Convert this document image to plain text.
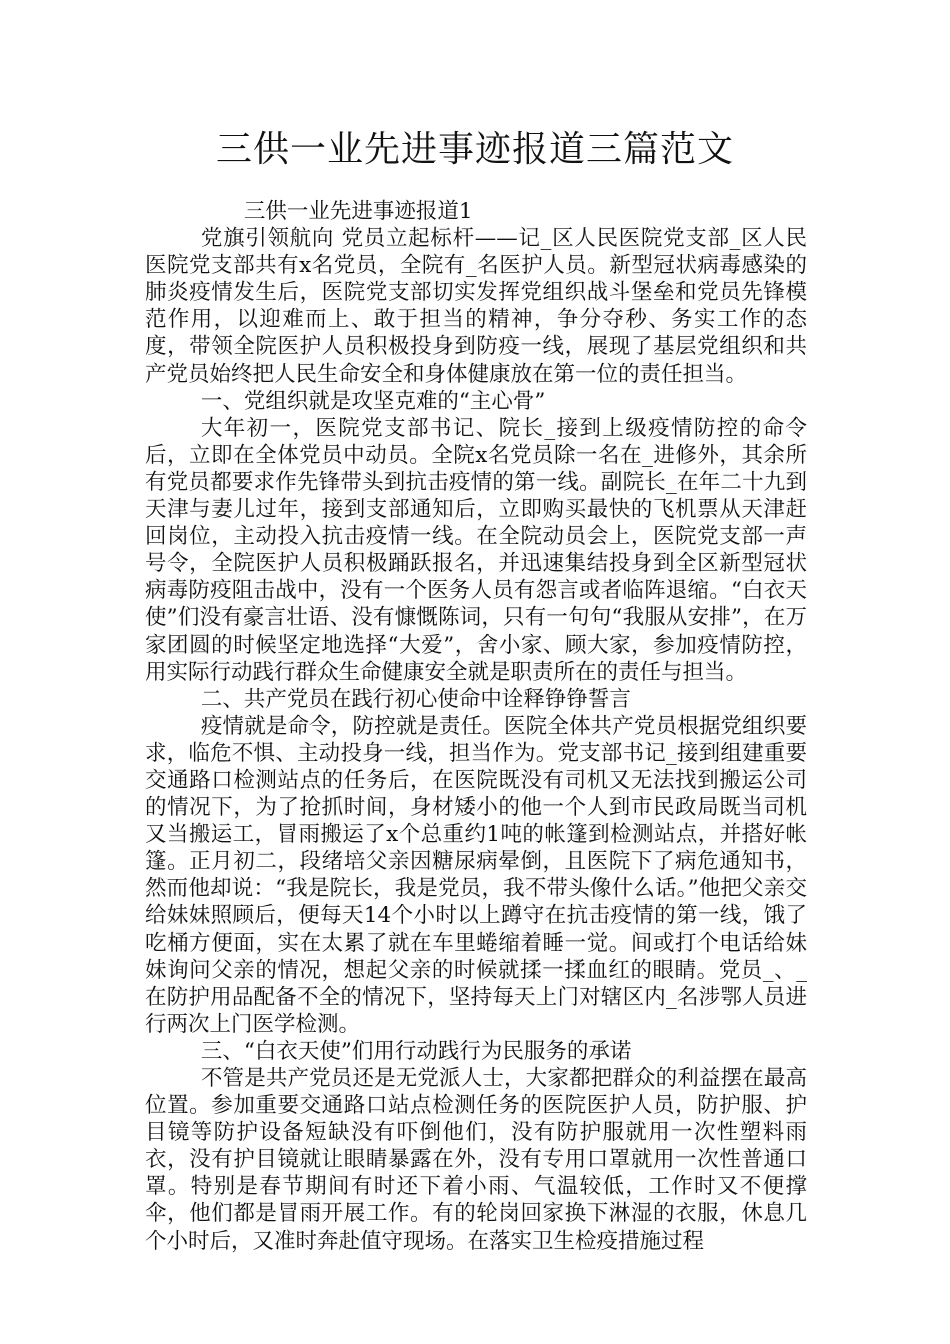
三供一业先进事迹报道三篇范文

三供一业先进事迹报道1

党旗引领航向 党员立起标杆——记_区人民医院党支部_区人民医院党支部共有x名党员，全院有_名医护人员。新型冠状病毒感染的肺炎疫情发生后，医院党支部切实发挥党组织战斗堡垒和党员先锋模范作用，以迎难而上、敢于担当的精神，争分夺秒、务实工作的态度，带领全院医护人员积极投身到防疫一线，展现了基层党组织和共产党员始终把人民生命安全和身体健康放在第一位的责任担当。

一、党组织就是攻坚克难的“主心骨”

大年初一，医院党支部书记、院长_接到上级疫情防控的命令后，立即在全体党员中动员。全院x名党员除一名在_进修外，其余所有党员都要求作先锋带头到抗击疫情的第一线。副院长_在年二十九到天津与妻儿过年，接到支部通知后，立即购买最快的飞机票从天津赶回岗位，主动投入抗击疫情一线。在全院动员会上，医院党支部一声号令，全院医护人员积极踊跃报名，并迅速集结投身到全区新型冠状病毒防疫阻击战中，没有一个医务人员有怨言或者临阵退缩。“白衣天使”们没有豪言壮语、没有慷慨陈词，只有一句句“我服从安排”，在万家团圆的时候坚定地选择“大爱”，舍小家、顾大家，参加疫情防控，用实际行动践行群众生命健康安全就是职责所在的责任与担当。

二、共产党员在践行初心使命中诠释铮铮誓言

疫情就是命令，防控就是责任。医院全体共产党员根据党组织要求，临危不惧、主动投身一线，担当作为。党支部书记_接到组建重要交通路口检测站点的任务后，在医院既没有司机又无法找到搬运公司的情况下，为了抢抓时间，身材矮小的他一个人到市民政局既当司机又当搬运工，冒雨搬运了x个总重约1吨的帐篷到检测站点，并搭好帐篷。正月初二，段绪培父亲因糖尿病晕倒，且医院下了病危通知书，然而他却说：“我是院长，我是党员，我不带头像什么话。”他把父亲交给妹妹照顾后，便每天14个小时以上蹲守在抗击疫情的第一线，饿了吃桶方便面，实在太累了就在车里蜷缩着睡一觉。间或打个电话给妹妹询问父亲的情况，想起父亲的时候就揉一揉血红的眼睛。党员_、_在防护用品配备不全的情况下，坚持每天上门对辖区内_名涉鄂人员进行两次上门医学检测。

三、“白衣天使”们用行动践行为民服务的承诺

不管是共产党员还是无党派人士，大家都把群众的利益摆在最高位置。参加重要交通路口站点检测任务的医院医护人员，防护服、护目镜等防护设备短缺没有吓倒他们，没有防护服就用一次性塑料雨衣，没有护目镜就让眼睛暴露在外，没有专用口罩就用一次性普通口罩。特别是春节期间有时还下着小雨、气温较低，工作时又不便撑伞，他们都是冒雨开展工作。有的轮岗回家换下淋湿的衣服，休息几个小时后，又准时奔赴值守现场。在落实卫生检疫措施过程
